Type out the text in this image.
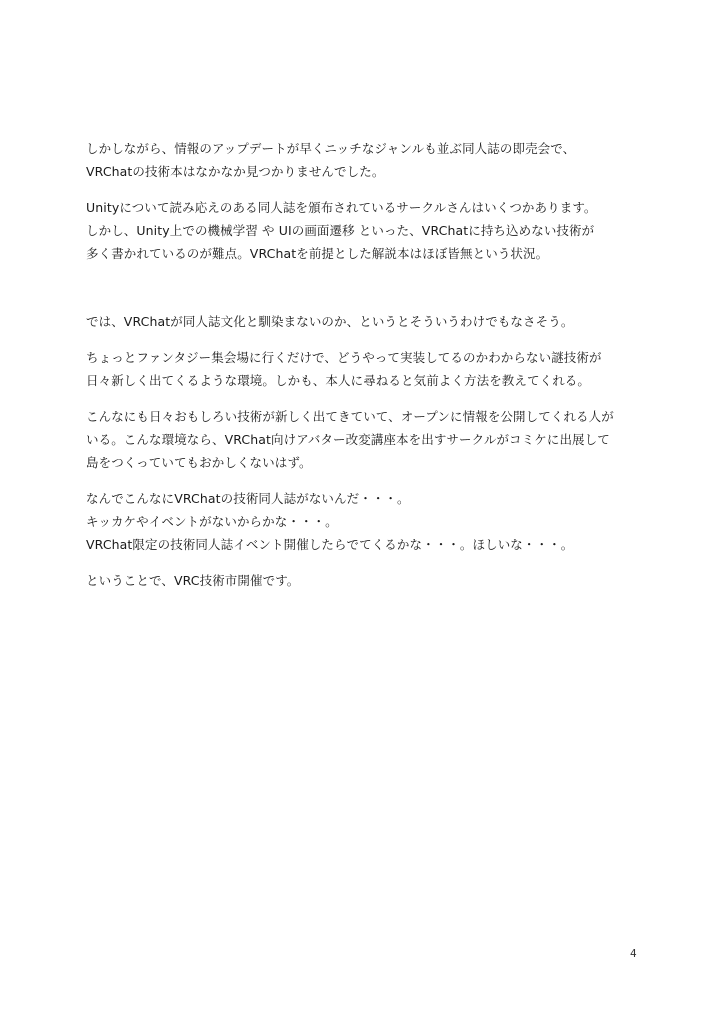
しかしながら、情報のアップデートが早くニッチなジャンルも並ぶ同人誌の即売会で、
VRChatの技術本はなかなか見つかりませんでした。

Unityについて読み応えのある同人誌を頒布されているサークルさんはいくつかあります。
しかし、Unity上での機械学習 や UIの画面遷移 といった、VRChatに持ち込めない技術が
多く書かれているのが難点。VRChatを前提とした解説本はほぼ皆無という状況。

では、VRChatが同人誌文化と馴染まないのか、というとそういうわけでもなさそう。

ちょっとファンタジー集会場に行くだけで、どうやって実装してるのかわからない謎技術が
日々新しく出てくるような環境。しかも、本人に尋ねると気前よく方法を教えてくれる。

こんなにも日々おもしろい技術が新しく出てきていて、オープンに情報を公開してくれる人が
いる。こんな環境なら、VRChat向けアバター改変講座本を出すサークルがコミケに出展して
島をつくっていてもおかしくないはず。

なんでこんなにVRChatの技術同人誌がないんだ・・・。
キッカケやイベントがないからかな・・・。
VRChat限定の技術同人誌イベント開催したらでてくるかな・・・。ほしいな・・・。

ということで、VRC技術市開催です。

4
